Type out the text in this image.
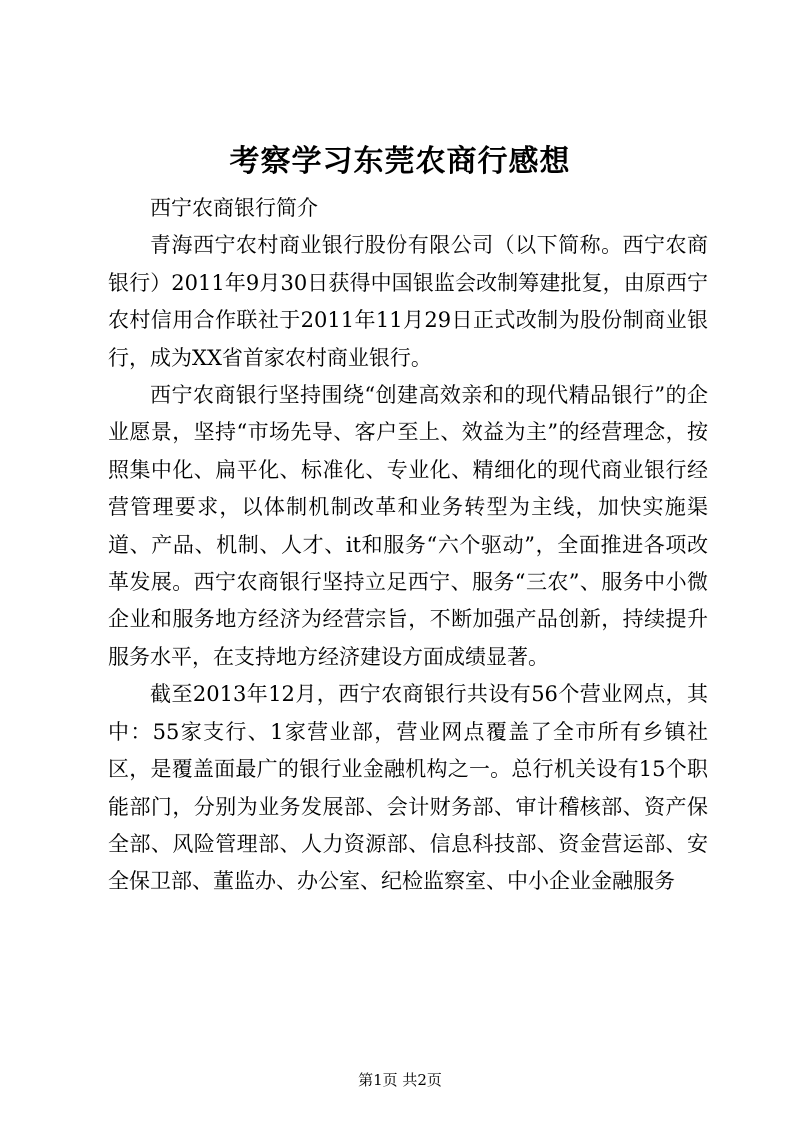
考察学习东莞农商行感想

西宁农商银行简介

青海西宁农村商业银行股份有限公司（以下简称。西宁农商银行）2011年9月30日获得中国银监会改制筹建批复，由原西宁农村信用合作联社于2011年11月29日正式改制为股份制商业银行，成为XX省首家农村商业银行。

西宁农商银行坚持围绕“创建高效亲和的现代精品银行”的企业愿景，坚持“市场先导、客户至上、效益为主”的经营理念，按照集中化、扁平化、标准化、专业化、精细化的现代商业银行经营管理要求，以体制机制改革和业务转型为主线，加快实施渠道、产品、机制、人才、it和服务“六个驱动”，全面推进各项改革发展。西宁农商银行坚持立足西宁、服务“三农”、服务中小微企业和服务地方经济为经营宗旨，不断加强产品创新，持续提升服务水平，在支持地方经济建设方面成绩显著。

截至2013年12月，西宁农商银行共设有56个营业网点，其中：55家支行、1家营业部，营业网点覆盖了全市所有乡镇社区，是覆盖面最广的银行业金融机构之一。总行机关设有15个职能部门，分别为业务发展部、会计财务部、审计稽核部、资产保全部、风险管理部、人力资源部、信息科技部、资金营运部、安全保卫部、董监办、办公室、纪检监察室、中小企业金融服务

第1页 共2页
